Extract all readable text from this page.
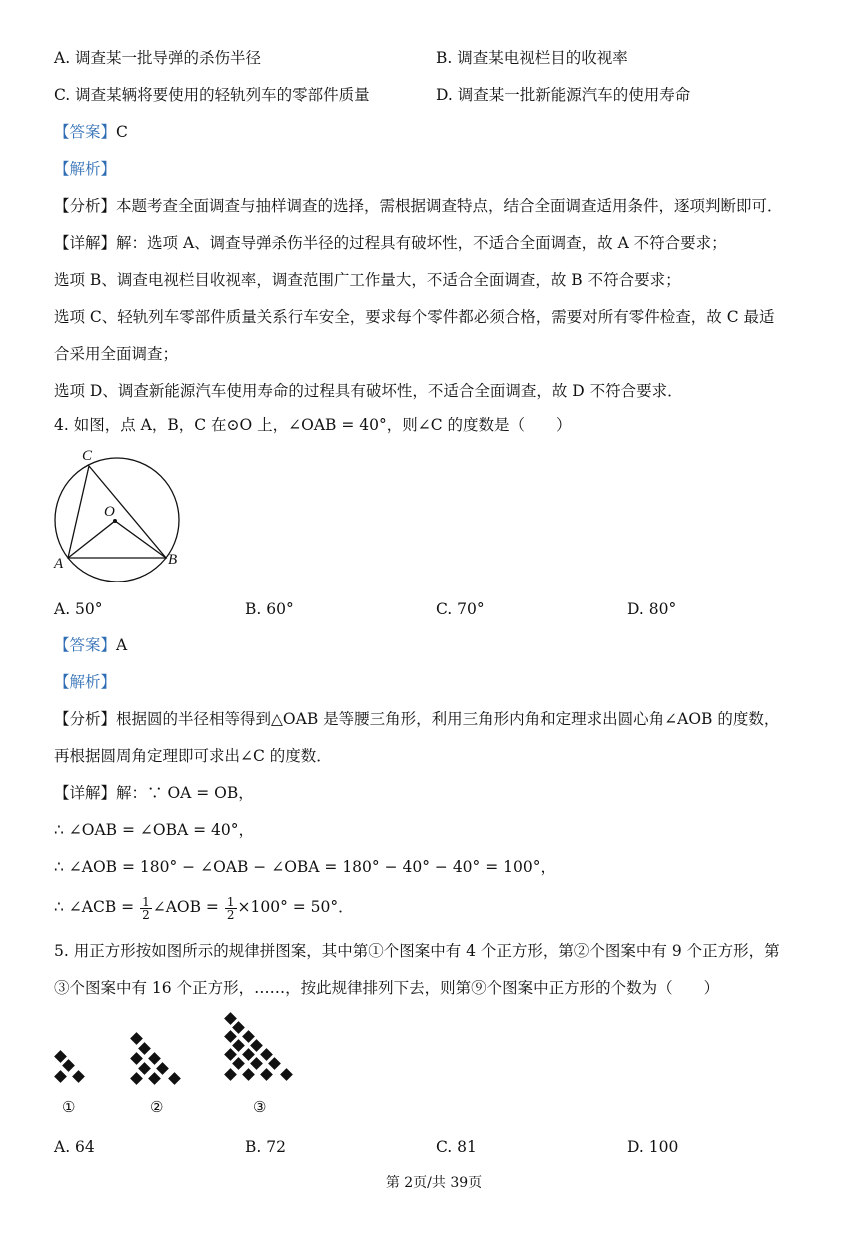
A. 调查某一批导弹的杀伤半径	B. 调查某电视栏目的收视率
C. 调查某辆将要使用的轻轨列车的零部件质量	D. 调查某一批新能源汽车的使用寿命
【答案】C
【解析】
【分析】本题考查全面调查与抽样调查的选择，需根据调查特点，结合全面调查适用条件，逐项判断即可．
【详解】解：选项 A、调查导弹杀伤半径的过程具有破坏性，不适合全面调查，故 A 不符合要求；
选项 B、调查电视栏目收视率，调查范围广工作量大，不适合全面调查，故 B 不符合要求；
选项 C、轻轨列车零部件质量关系行车安全，要求每个零件都必须合格，需要对所有零件检查，故 C 最适
合采用全面调查；
选项 D、调查新能源汽车使用寿命的过程具有破坏性，不适合全面调查，故 D 不符合要求．
4. 如图，点 A，B，C 在⊙O 上，∠OAB = 40°，则∠C 的度数是（　　）
C
O
A	B
A. 50°	B. 60°	C. 70°	D. 80°
【答案】A
【解析】
【分析】根据圆的半径相等得到△OAB 是等腰三角形，利用三角形内角和定理求出圆心角∠AOB 的度数，
再根据圆周角定理即可求出∠C 的度数．
【详解】解：∵ OA = OB，
∴ ∠OAB = ∠OBA = 40°，
∴ ∠AOB = 180° − ∠OAB − ∠OBA = 180° − 40° − 40° = 100°，
∴ ∠ACB = $\frac{1}{2}$ ∠AOB = $\frac{1}{2} \times 100^\circ = 50^\circ$．
5. 用正方形按如图所示的规律拼图案，其中第①个图案中有 4 个正方形，第②个图案中有 9 个正方形，第
③个图案中有 16 个正方形，……，按此规律排列下去，则第⑨个图案中正方形的个数为（　　）
①	②	③
A. 64	B. 72	C. 81	D. 100
第 2页/共 39页
